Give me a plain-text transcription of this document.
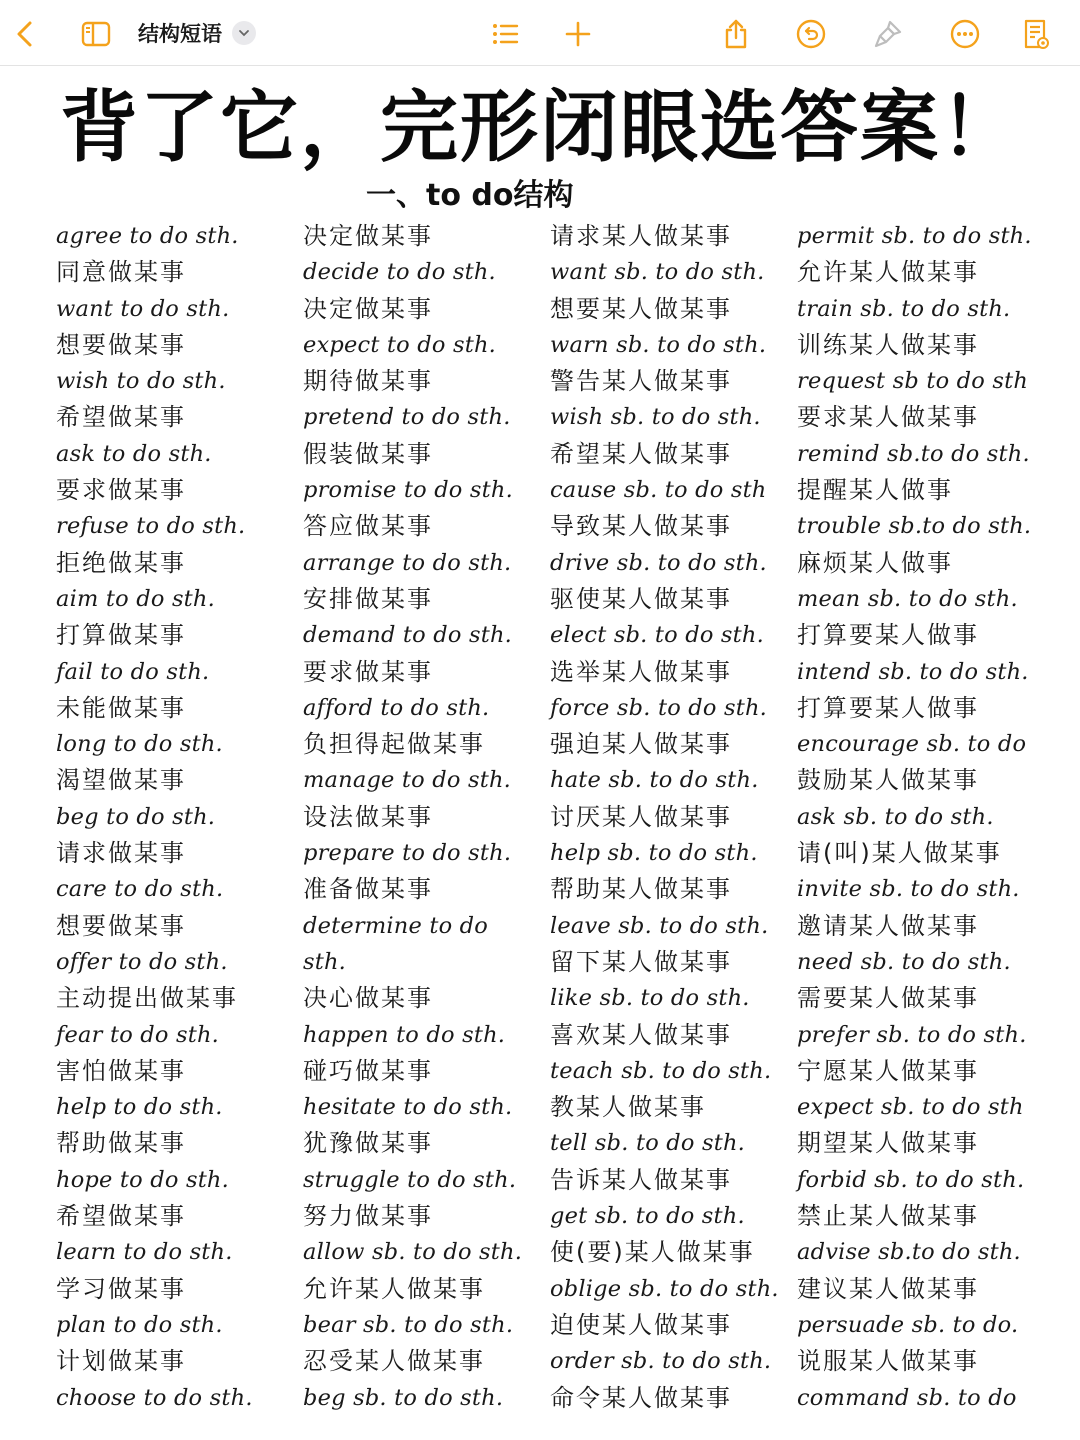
结构短语
背了它，完形闭眼选答案！
一、to do结构
agree to do sth.
同意做某事
want to do sth.
想要做某事
wish to do sth.
希望做某事
ask to do sth.
要求做某事
refuse to do sth.
拒绝做某事
aim to do sth.
打算做某事
fail to do sth.
未能做某事
long to do sth.
渴望做某事
beg to do sth.
请求做某事
care to do sth.
想要做某事
offer to do sth.
主动提出做某事
fear to do sth.
害怕做某事
help to do sth.
帮助做某事
hope to do sth.
希望做某事
learn to do sth.
学习做某事
plan to do sth.
计划做某事
choose to do sth.
决定做某事
decide to do sth.
决定做某事
expect to do sth.
期待做某事
pretend to do sth.
假装做某事
promise to do sth.
答应做某事
arrange to do sth.
安排做某事
demand to do sth.
要求做某事
afford to do sth.
负担得起做某事
manage to do sth.
设法做某事
prepare to do sth.
准备做某事
determine to do
sth.
决心做某事
happen to do sth.
碰巧做某事
hesitate to do sth.
犹豫做某事
struggle to do sth.
努力做某事
allow sb. to do sth.
允许某人做某事
bear sb. to do sth.
忍受某人做某事
beg sb. to do sth.
请求某人做某事
want sb. to do sth.
想要某人做某事
warn sb. to do sth.
警告某人做某事
wish sb. to do sth.
希望某人做某事
cause sb. to do sth
导致某人做某事
drive sb. to do sth.
驱使某人做某事
elect sb. to do sth.
选举某人做某事
force sb. to do sth.
强迫某人做某事
hate sb. to do sth.
讨厌某人做某事
help sb. to do sth.
帮助某人做某事
leave sb. to do sth.
留下某人做某事
like sb. to do sth.
喜欢某人做某事
teach sb. to do sth.
教某人做某事
tell sb. to do sth.
告诉某人做某事
get sb. to do sth.
使(要)某人做某事
oblige sb. to do sth.
迫使某人做某事
order sb. to do sth.
命令某人做某事
permit sb. to do sth.
允许某人做某事
train sb. to do sth.
训练某人做某事
request sb to do sth
要求某人做某事
remind sb.to do sth.
提醒某人做事
trouble sb.to do sth.
麻烦某人做事
mean sb. to do sth.
打算要某人做事
intend sb. to do sth.
打算要某人做事
encourage sb. to do
鼓励某人做某事
ask sb. to do sth.
请(叫)某人做某事
invite sb. to do sth.
邀请某人做某事
need sb. to do sth.
需要某人做某事
prefer sb. to do sth.
宁愿某人做某事
expect sb. to do sth
期望某人做某事
forbid sb. to do sth.
禁止某人做某事
advise sb.to do sth.
建议某人做某事
persuade sb. to do.
说服某人做某事
command sb. to do
